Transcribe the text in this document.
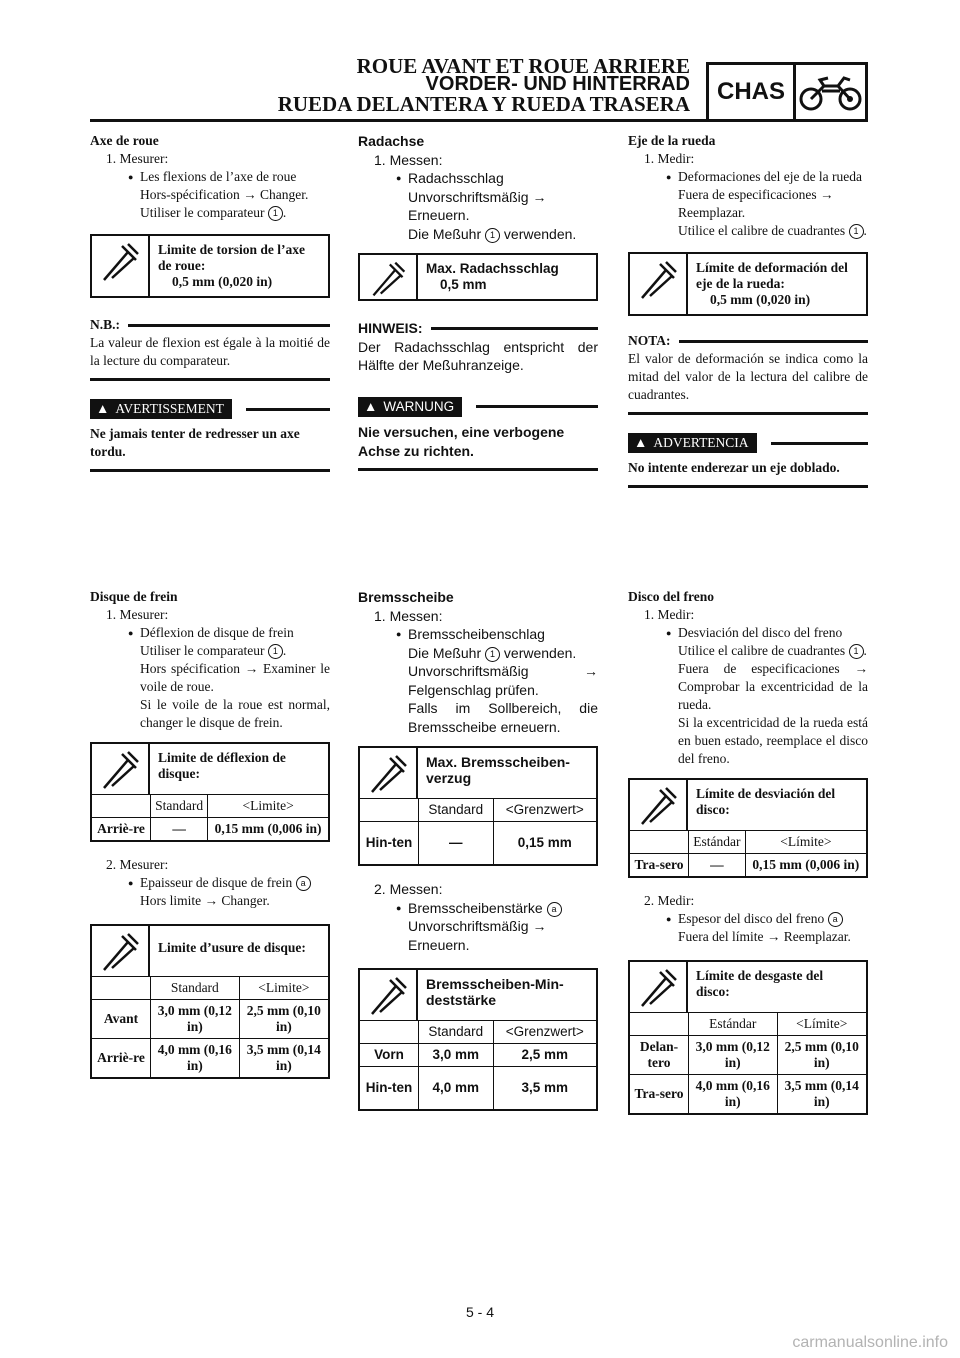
ROUE AVANT ET ROUE ARRIERE
VORDER- UND HINTERRAD
RUEDA DELANTERA Y RUEDA TRASERA	CHAS
Axe de roue
1. Mesurer:
● Les flexions de l’axe de roue
Hors-spécification → Changer.
Utiliser le comparateur 1 .
Limite de torsion de l’axe de roue:
0,5 mm (0,020 in)
N.B.:
La valeur de flexion est égale à la moitié de la lecture du comparateur.
▲ AVERTISSEMENT
Ne jamais tenter de redresser un axe tordu.
Radachse
1. Messen:
● Radachsschlag
Unvorschriftsmäßig → Erneuern.
Die Meßuhr 1 verwenden.
Max. Radachsschlag
0,5 mm
HINWEIS:
Der Radachsschlag entspricht der Hälfte der Meßuhranzeige.
▲ WARNUNG
Nie versuchen, eine verbogene Achse zu richten.
Eje de la rueda
1. Medir:
● Deformaciones del eje de la rueda
Fuera de especificaciones → Reemplazar.
Utilice el calibre de cuadrantes 1 .
Límite de deformación del eje de la rueda:
0,5 mm (0,020 in)
NOTA:
El valor de deformación se indica como la mitad del valor de la lectura del calibre de cuadrantes.
▲ ADVERTENCIA
No intente enderezar un eje doblado.
Disque de frein
1. Mesurer:
● Déflexion de disque de frein
Utiliser le comparateur 1 .
Hors spécification → Examiner le voile de roue.
Si le voile de la roue est normal, changer le disque de frein.
Limite de déflexion de disque:
	Standard	<Limite>
Arriè-re	—	0,15 mm (0,006 in)
2. Mesurer:
● Epaisseur de disque de frein a
Hors limite → Changer.
Limite d’usure de disque:
	Standard	<Limite>
Avant	3,0 mm (0,12 in)	2,5 mm (0,10 in)
Arriè-re	4,0 mm (0,16 in)	3,5 mm (0,14 in)
Bremsscheibe
1. Messen:
● Bremsscheibenschlag
Die Meßuhr 1 verwenden.
Unvorschriftsmäßig → Felgenschlag prüfen.
Falls im Sollbereich, die Bremsscheibe erneuern.
Max. Bremsscheiben-verzug
	Standard	<Grenzwert>
Hin-ten	—	0,15 mm
2. Messen:
● Bremsscheibenstärke a
Unvorschriftsmäßig → Erneuern.
Bremsscheiben-Min-deststärke
	Standard	<Grenzwert>
Vorn	3,0 mm	2,5 mm
Hin-ten	4,0 mm	3,5 mm
Disco del freno
1. Medir:
● Desviación del disco del freno
Utilice el calibre de cuadrantes 1 .
Fuera de especificaciones → Comprobar la excentricidad de la rueda.
Si la excentricidad de la rueda está en buen estado, reemplace el disco del freno.
Límite de desviación del disco:
	Estándar	<Límite>
Tra-sero	—	0,15 mm (0,006 in)
2. Medir:
● Espesor del disco del freno a
Fuera del límite → Reemplazar.
Límite de desgaste del disco:
	Estándar	<Límite>
Delan-tero	3,0 mm (0,12 in)	2,5 mm (0,10 in)
Tra-sero	4,0 mm (0,16 in)	3,5 mm (0,14 in)
5 - 4
carmanualsonline.info
